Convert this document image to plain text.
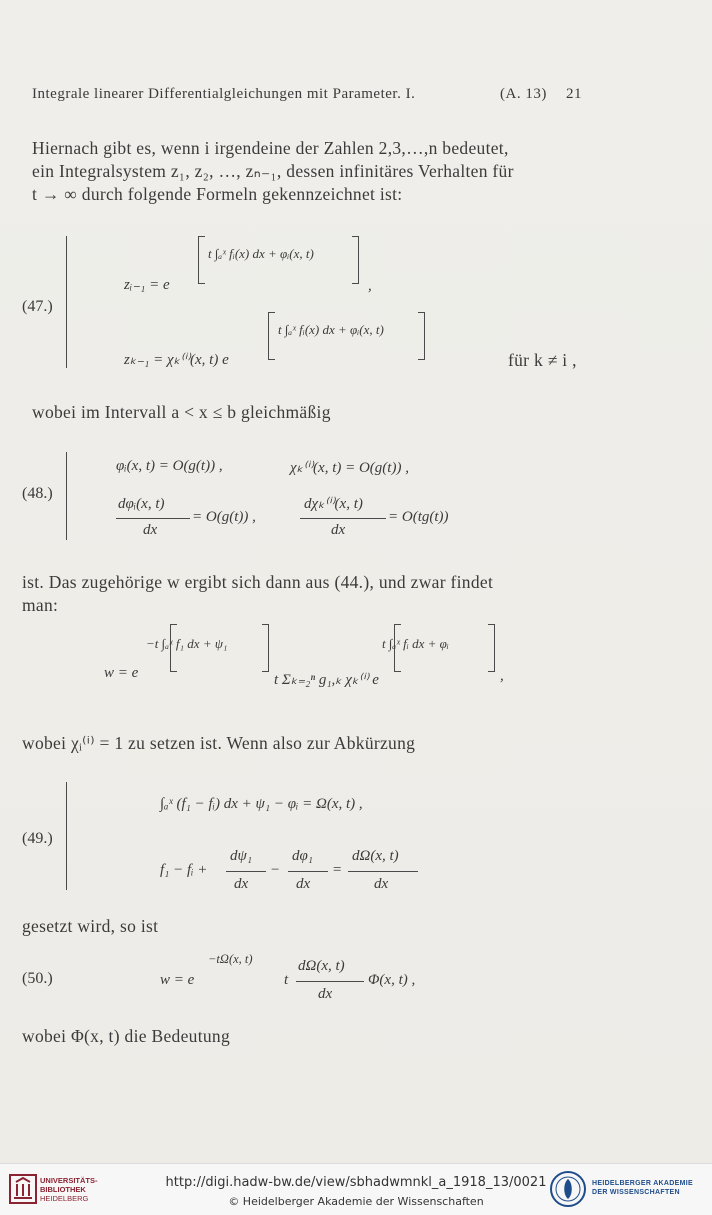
Integrale linearer Differentialgleichungen mit Parameter. I.	(A. 13) 21
Hiernach gibt es, wenn i irgendeine der Zahlen 2,3,…,n bedeutet,
ein Integralsystem z₁, z₂, …, zₙ₋₁, dessen infinitäres Verhalten für
t → ∞ durch folgende Formeln gekennzeichnet ist:
(47.)
t ∫ₐˣ fᵢ(x) dx + φᵢ(x, t)
zᵢ₋₁ = e	,
t ∫ₐˣ fᵢ(x) dx + φᵢ(x, t)
zₖ₋₁ = χₖ⁽ⁱ⁾(x, t) e	für k ≠ i ,
wobei im Intervall a < x ≤ b gleichmäßig
(48.)
φᵢ(x, t) = O(g(t)) ,	χₖ⁽ⁱ⁾(x, t) = O(g(t)) ,
dφᵢ(x, t)
dx
= O(g(t)) ,
dχₖ⁽ⁱ⁾(x, t)
dx
= O(tg(t))
ist. Das zugehörige w ergibt sich dann aus (44.), und zwar findet
man:
w = e
−t ∫ₐˣ f₁ dx + ψ₁
t Σₖ₌₂ⁿ g₁,ₖ χₖ⁽ⁱ⁾ e
t ∫ₐˣ fᵢ dx + φᵢ
,
wobei χᵢ⁽ⁱ⁾ = 1 zu setzen ist. Wenn also zur Abkürzung
(49.)
∫ₐˣ (f₁ − fᵢ) dx + ψ₁ − φᵢ = Ω(x, t) ,
f₁ − fᵢ +
dψ₁
dx
−
dφ₁
dx
=
dΩ(x, t)
dx
gesetzt wird, so ist
(50.)	w = e
−tΩ(x, t)
t
dΩ(x, t)
dx
Φ(x, t) ,
wobei Φ(x, t) die Bedeutung
UNIVERSITÄTS-
BIBLIOTHEK
HEIDELBERG
http://digi.hadw-bw.de/view/sbhadwmnkl_a_1918_13/0021
© Heidelberger Akademie der Wissenschaften
HEIDELBERGER AKADEMIE
DER WISSENSCHAFTEN
